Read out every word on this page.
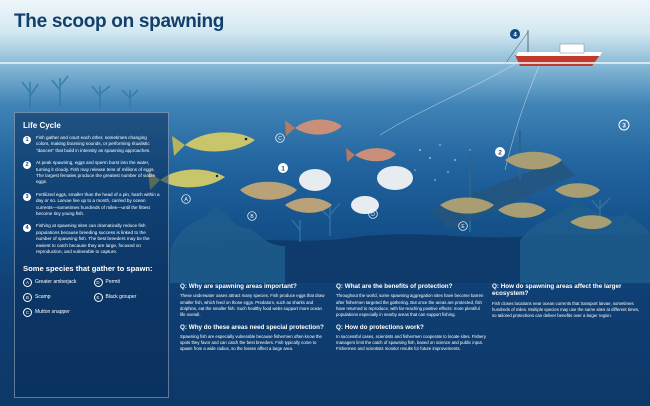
1
2
3
4
A
B
C
D
E
The scoop on spawning
Life Cycle
1	Fish gather and court each other, sometimes changing colors, making booming sounds, or performing ritualistic "dances" that build in intensity as spawning approaches.
2	At peak spawning, eggs and sperm burst into the water, turning it cloudy. Fish may release tens of millions of eggs. The largest females produce the greatest number of viable eggs.
3	Fertilized eggs, smaller than the head of a pin, hatch within a day or so. Larvae live up to a month, carried by ocean currents—sometimes hundreds of miles—until the fittest become tiny young fish.
4	Fishing at spawning sites can dramatically reduce fish populations because breeding success is linked to the number of spawning fish. The best breeders may be the easiest to catch because they are large, focused on reproduction, and vulnerable to capture.
Some species that gather to spawn:
A	Greater amberjack	D	Permit
B	Scamp	E	Black grouper
C	Mutton snapper
Q: Why are spawning areas important?
These underwater oases attract many species. Fish produce eggs that draw smaller fish, which feed on those eggs. Predators, such as sharks and dolphins, eat the smaller fish. Such healthy food webs support more ocean life overall.
Q: Why do these areas need special protection?
Spawning fish are especially vulnerable because fishermen often know the spots they favor and can catch the best breeders. Fish typically come to spawn from a wide radius, so the losses affect a large area.
Q: What are the benefits of protection?
Throughout the world, some spawning aggregation sites have become barren after fishermen targeted the gathering. But once the areas are protected, fish have returned to reproduce, with far-reaching positive effects: more plentiful populations especially in nearby areas that can support fishing.
Q: How do protections work?
In successful cases, scientists and fishermen cooperate to locate sites. Fishery managers limit the catch of spawning fish, based on science and public input. Fishermen and scientists monitor results for future improvements.
Q: How do spawning areas affect the larger ecosystem?
Fish closes locations near ocean currents that transport larvae, sometimes hundreds of miles. Multiple species may use the same sites at different times, so tailored protections can deliver benefits over a larger region.
